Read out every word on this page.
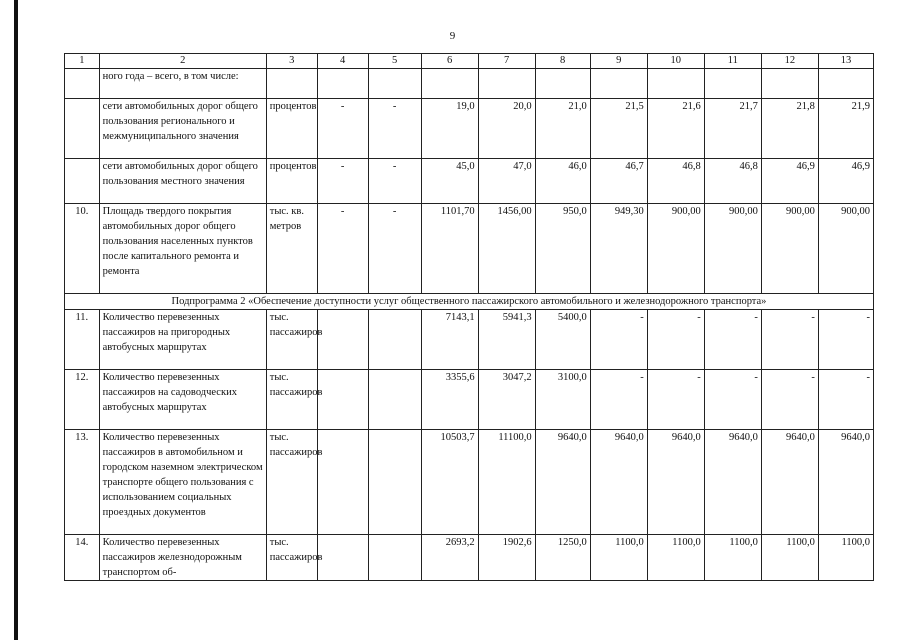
9
1	2	3	4	5	6	7	8	9	10	11	12	13
	ного года – всего, в том числе:											
	сети автомобильных дорог общего пользования регионального и межмуниципального значения	процентов	-	-	19,0	20,0	21,0	21,5	21,6	21,7	21,8	21,9
	сети автомобильных дорог общего пользования местного значения	процентов	-	-	45,0	47,0	46,0	46,7	46,8	46,8	46,9	46,9
10.	Площадь твердого покрытия автомобильных дорог общего пользования населенных пунктов после капитального ремонта и ремонта	тыс. кв. метров	-	-	1101,70	1456,00	950,0	949,30	900,00	900,00	900,00	900,00
Подпрограмма 2 «Обеспечение доступности услуг общественного пассажирского автомобильного и железнодорожного транспорта»												
11.	Количество перевезенных пассажиров на пригородных автобусных маршрутах	тыс. пассажиров			7143,1	5941,3	5400,0	-	-	-	-	-
12.	Количество перевезенных пассажиров на садоводческих автобусных маршрутах	тыс. пассажиров			3355,6	3047,2	3100,0	-	-	-	-	-
13.	Количество перевезенных пассажиров в автомобильном и городском наземном электрическом транспорте общего пользования с использованием социальных проездных документов	тыс. пассажиров			10503,7	11100,0	9640,0	9640,0	9640,0	9640,0	9640,0	9640,0
14.	Количество перевезенных пассажиров железнодорожным транспортом об-	тыс. пассажиров			2693,2	1902,6	1250,0	1100,0	1100,0	1100,0	1100,0	1100,0
